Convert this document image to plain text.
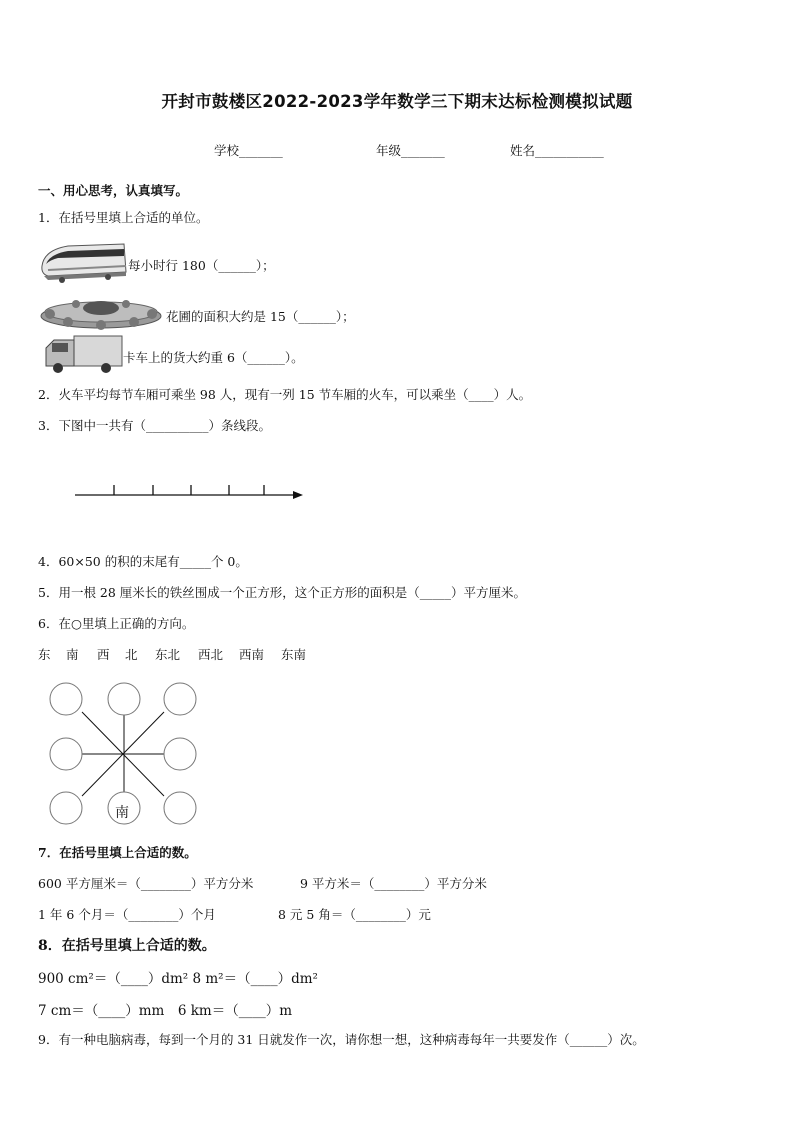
开封市鼓楼区2022-2023学年数学三下期末达标检测模拟试题
学校_______	年级_______	姓名___________
一、用心思考，认真填写。
1．在括号里填上合适的单位。
每小时行 180（______）；
花圃的面积大约是 15（______）；
卡车上的货大约重 6（______）。
2．火车平均每节车厢可乘坐 98 人，现有一列 15 节车厢的火车，可以乘坐（____）人。
3．下图中一共有（__________）条线段。
4．60×50 的积的末尾有_____个 0。
5．用一根 28 厘米长的铁丝围成一个正方形，这个正方形的面积是（_____）平方厘米。
6．在○里填上正确的方向。
东 南 西 北 东北 西北 西南 东南
南
7．在括号里填上合适的数。
600 平方厘米＝（________）平方分米	9 平方米＝（________）平方分米
1 年 6 个月＝（________）个月	8 元 5 角＝（________）元
8．在括号里填上合适的数。
900 cm²＝（____）dm² 8 m²＝（____）dm²
7 cm＝（____）mm　6 km＝（____）m
9．有一种电脑病毒，每到一个月的 31 日就发作一次，请你想一想，这种病毒每年一共要发作（______）次。
